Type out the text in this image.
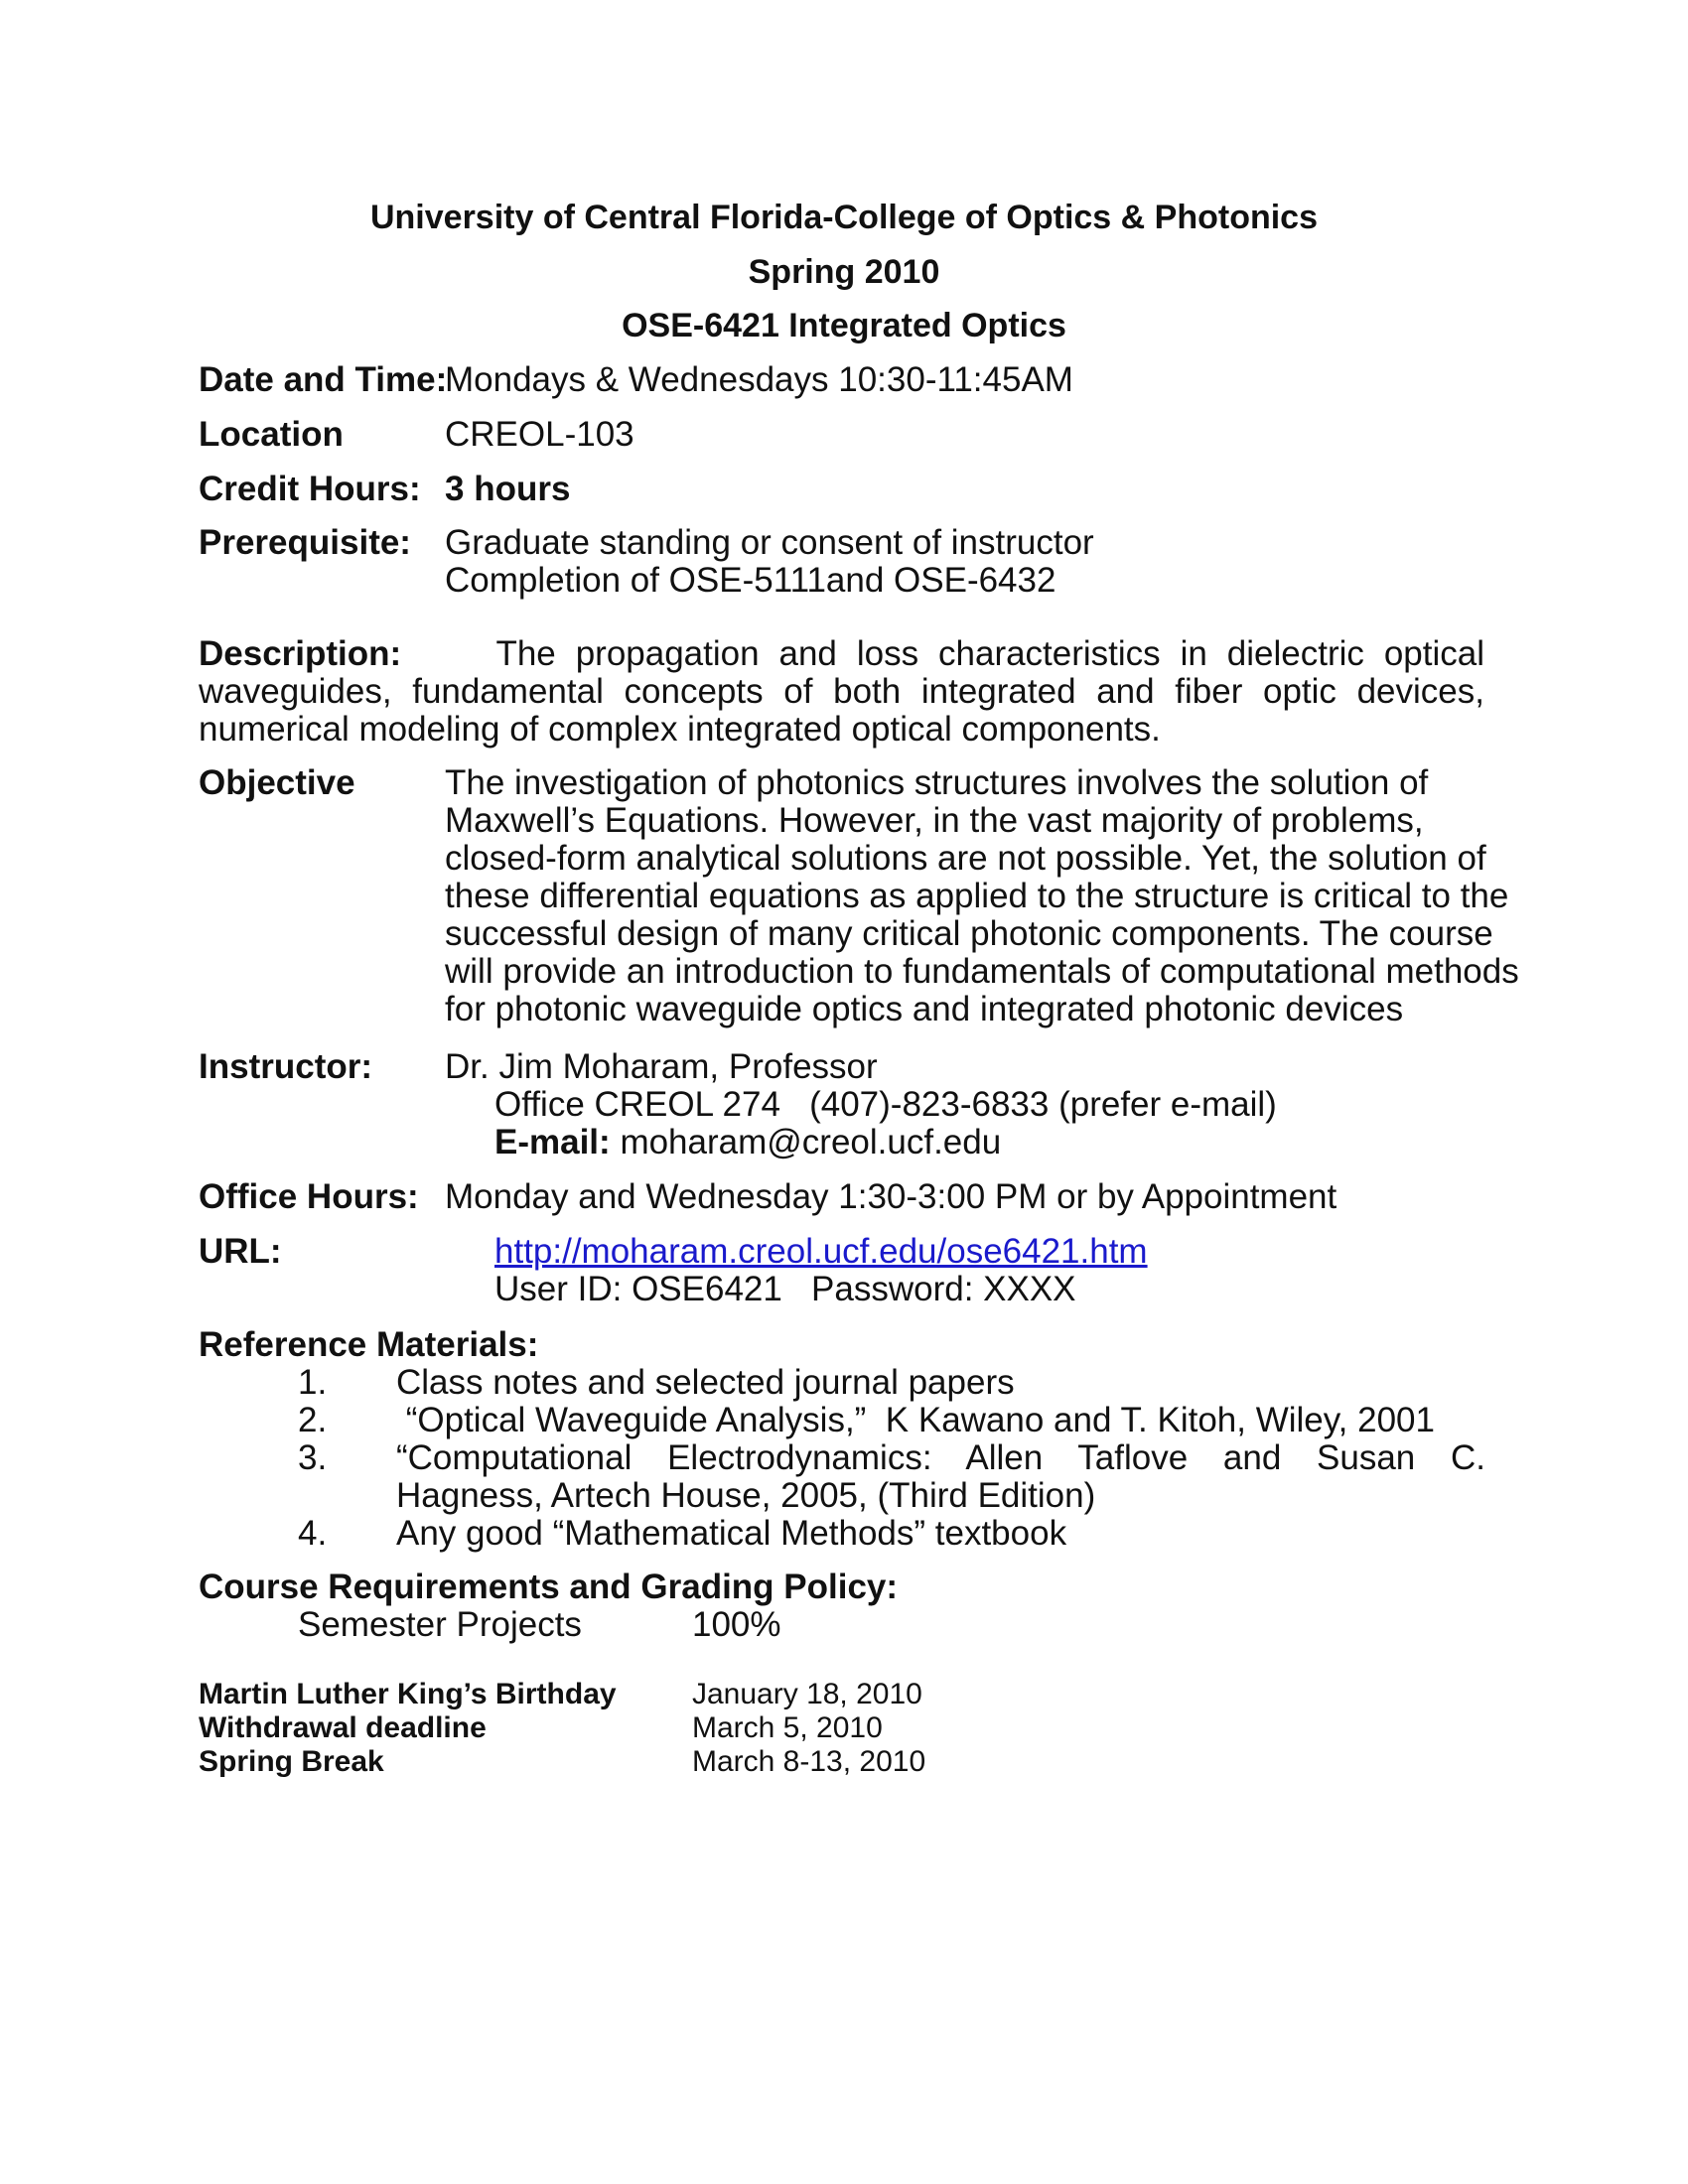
University of Central Florida-College of Optics & Photonics
Spring 2010
OSE-6421 Integrated Optics
Date and Time:
Mondays & Wednesdays 10:30-11:45AM
Location	CREOL-103
Credit Hours: 3 hours
Prerequisite: Graduate standing or consent of instructor
Completion of OSE-5111and OSE-6432
Description:	The propagation and loss characteristics in dielectric optical waveguides, fundamental concepts of both integrated and fiber optic devices, numerical modeling of complex integrated optical components.
Objective	The investigation of photonics structures involves the solution of
Maxwell’s Equations. However, in the vast majority of problems,
closed-form analytical solutions are not possible. Yet, the solution of
these differential equations as applied to the structure is critical to the
successful design of many critical photonic components. The course
will provide an introduction to fundamentals of computational methods
for photonic waveguide optics and integrated photonic devices
Instructor: Dr. Jim Moharam, Professor
Office CREOL 274   (407)-823-6833 (prefer e-mail)
E-mail: moharam@creol.ucf.edu
Office Hours: Monday and Wednesday 1:30-3:00 PM or by Appointment
URL:	http://moharam.creol.ucf.edu/ose6421.htm
User ID: OSE6421   Password: XXXX
Reference Materials:
1. Class notes and selected journal papers
2. “Optical Waveguide Analysis,”  K Kawano and T. Kitoh, Wiley, 2001
3. “Computational Electrodynamics: Allen Taflove and Susan C. Hagness, Artech House, 2005, (Third Edition)
4. Any good “Mathematical Methods” textbook
Course Requirements and Grading Policy:
Semester Projects	100%
Martin Luther King’s Birthday	January 18, 2010
Withdrawal deadline	March 5, 2010
Spring Break	March 8-13, 2010
